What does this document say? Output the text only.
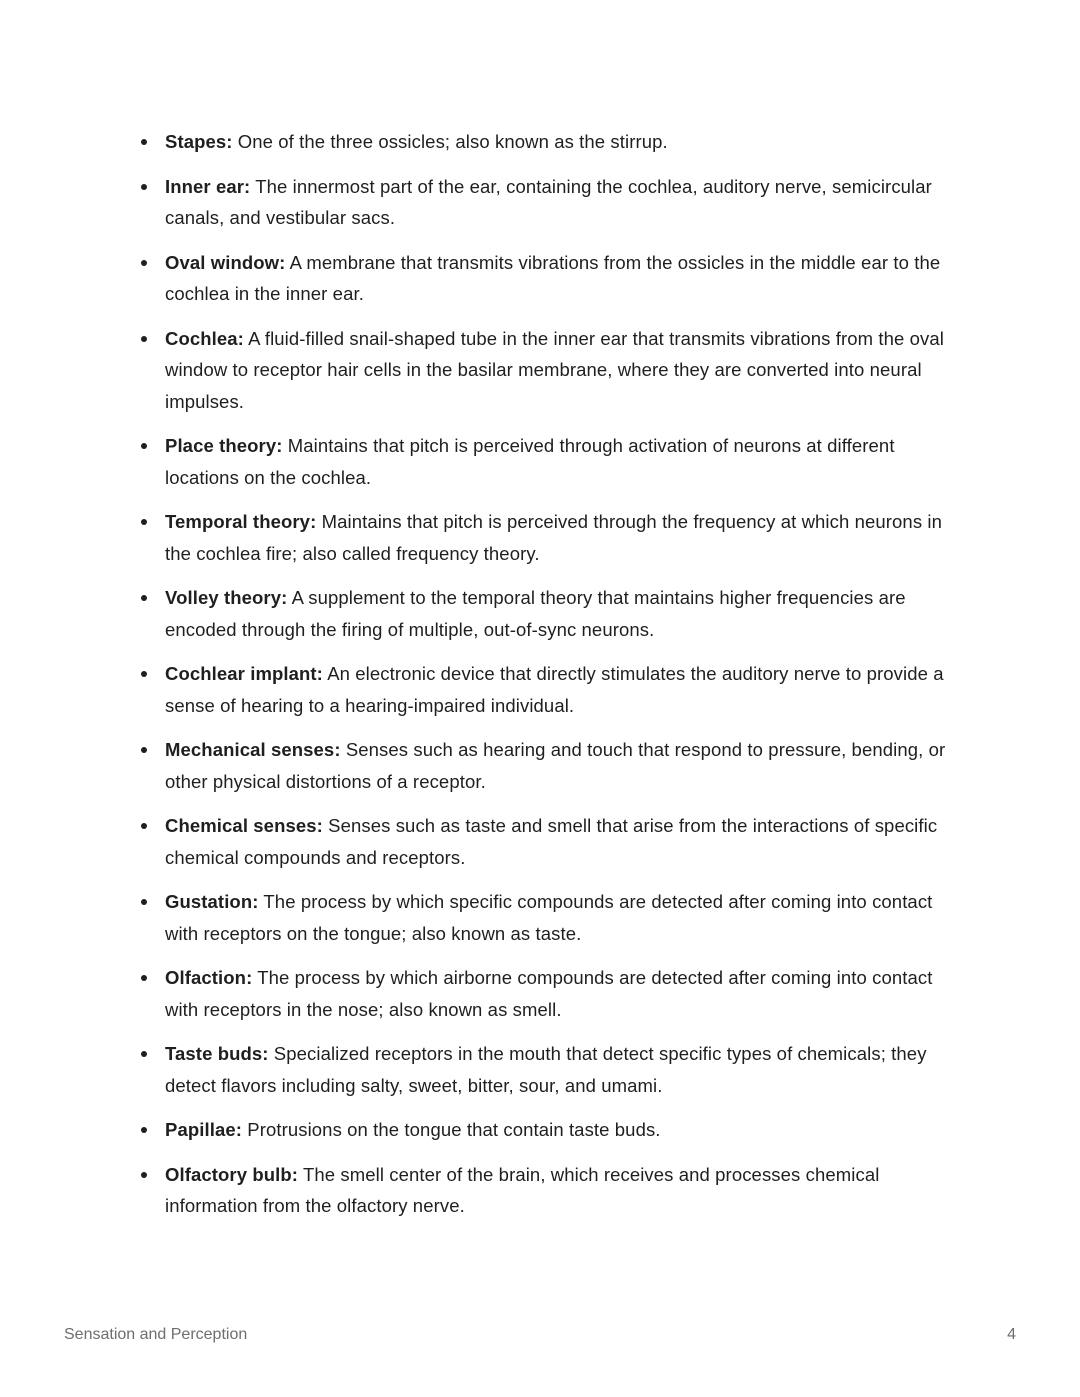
Stapes: One of the three ossicles; also known as the stirrup.
Inner ear: The innermost part of the ear, containing the cochlea, auditory nerve, semicircular canals, and vestibular sacs.
Oval window: A membrane that transmits vibrations from the ossicles in the middle ear to the cochlea in the inner ear.
Cochlea: A fluid-filled snail-shaped tube in the inner ear that transmits vibrations from the oval window to receptor hair cells in the basilar membrane, where they are converted into neural impulses.
Place theory: Maintains that pitch is perceived through activation of neurons at different locations on the cochlea.
Temporal theory: Maintains that pitch is perceived through the frequency at which neurons in the cochlea fire; also called frequency theory.
Volley theory: A supplement to the temporal theory that maintains higher frequencies are encoded through the firing of multiple, out-of-sync neurons.
Cochlear implant: An electronic device that directly stimulates the auditory nerve to provide a sense of hearing to a hearing-impaired individual.
Mechanical senses: Senses such as hearing and touch that respond to pressure, bending, or other physical distortions of a receptor.
Chemical senses: Senses such as taste and smell that arise from the interactions of specific chemical compounds and receptors.
Gustation: The process by which specific compounds are detected after coming into contact with receptors on the tongue; also known as taste.
Olfaction: The process by which airborne compounds are detected after coming into contact with receptors in the nose; also known as smell.
Taste buds: Specialized receptors in the mouth that detect specific types of chemicals; they detect flavors including salty, sweet, bitter, sour, and umami.
Papillae: Protrusions on the tongue that contain taste buds.
Olfactory bulb: The smell center of the brain, which receives and processes chemical information from the olfactory nerve.
Sensation and Perception	4
